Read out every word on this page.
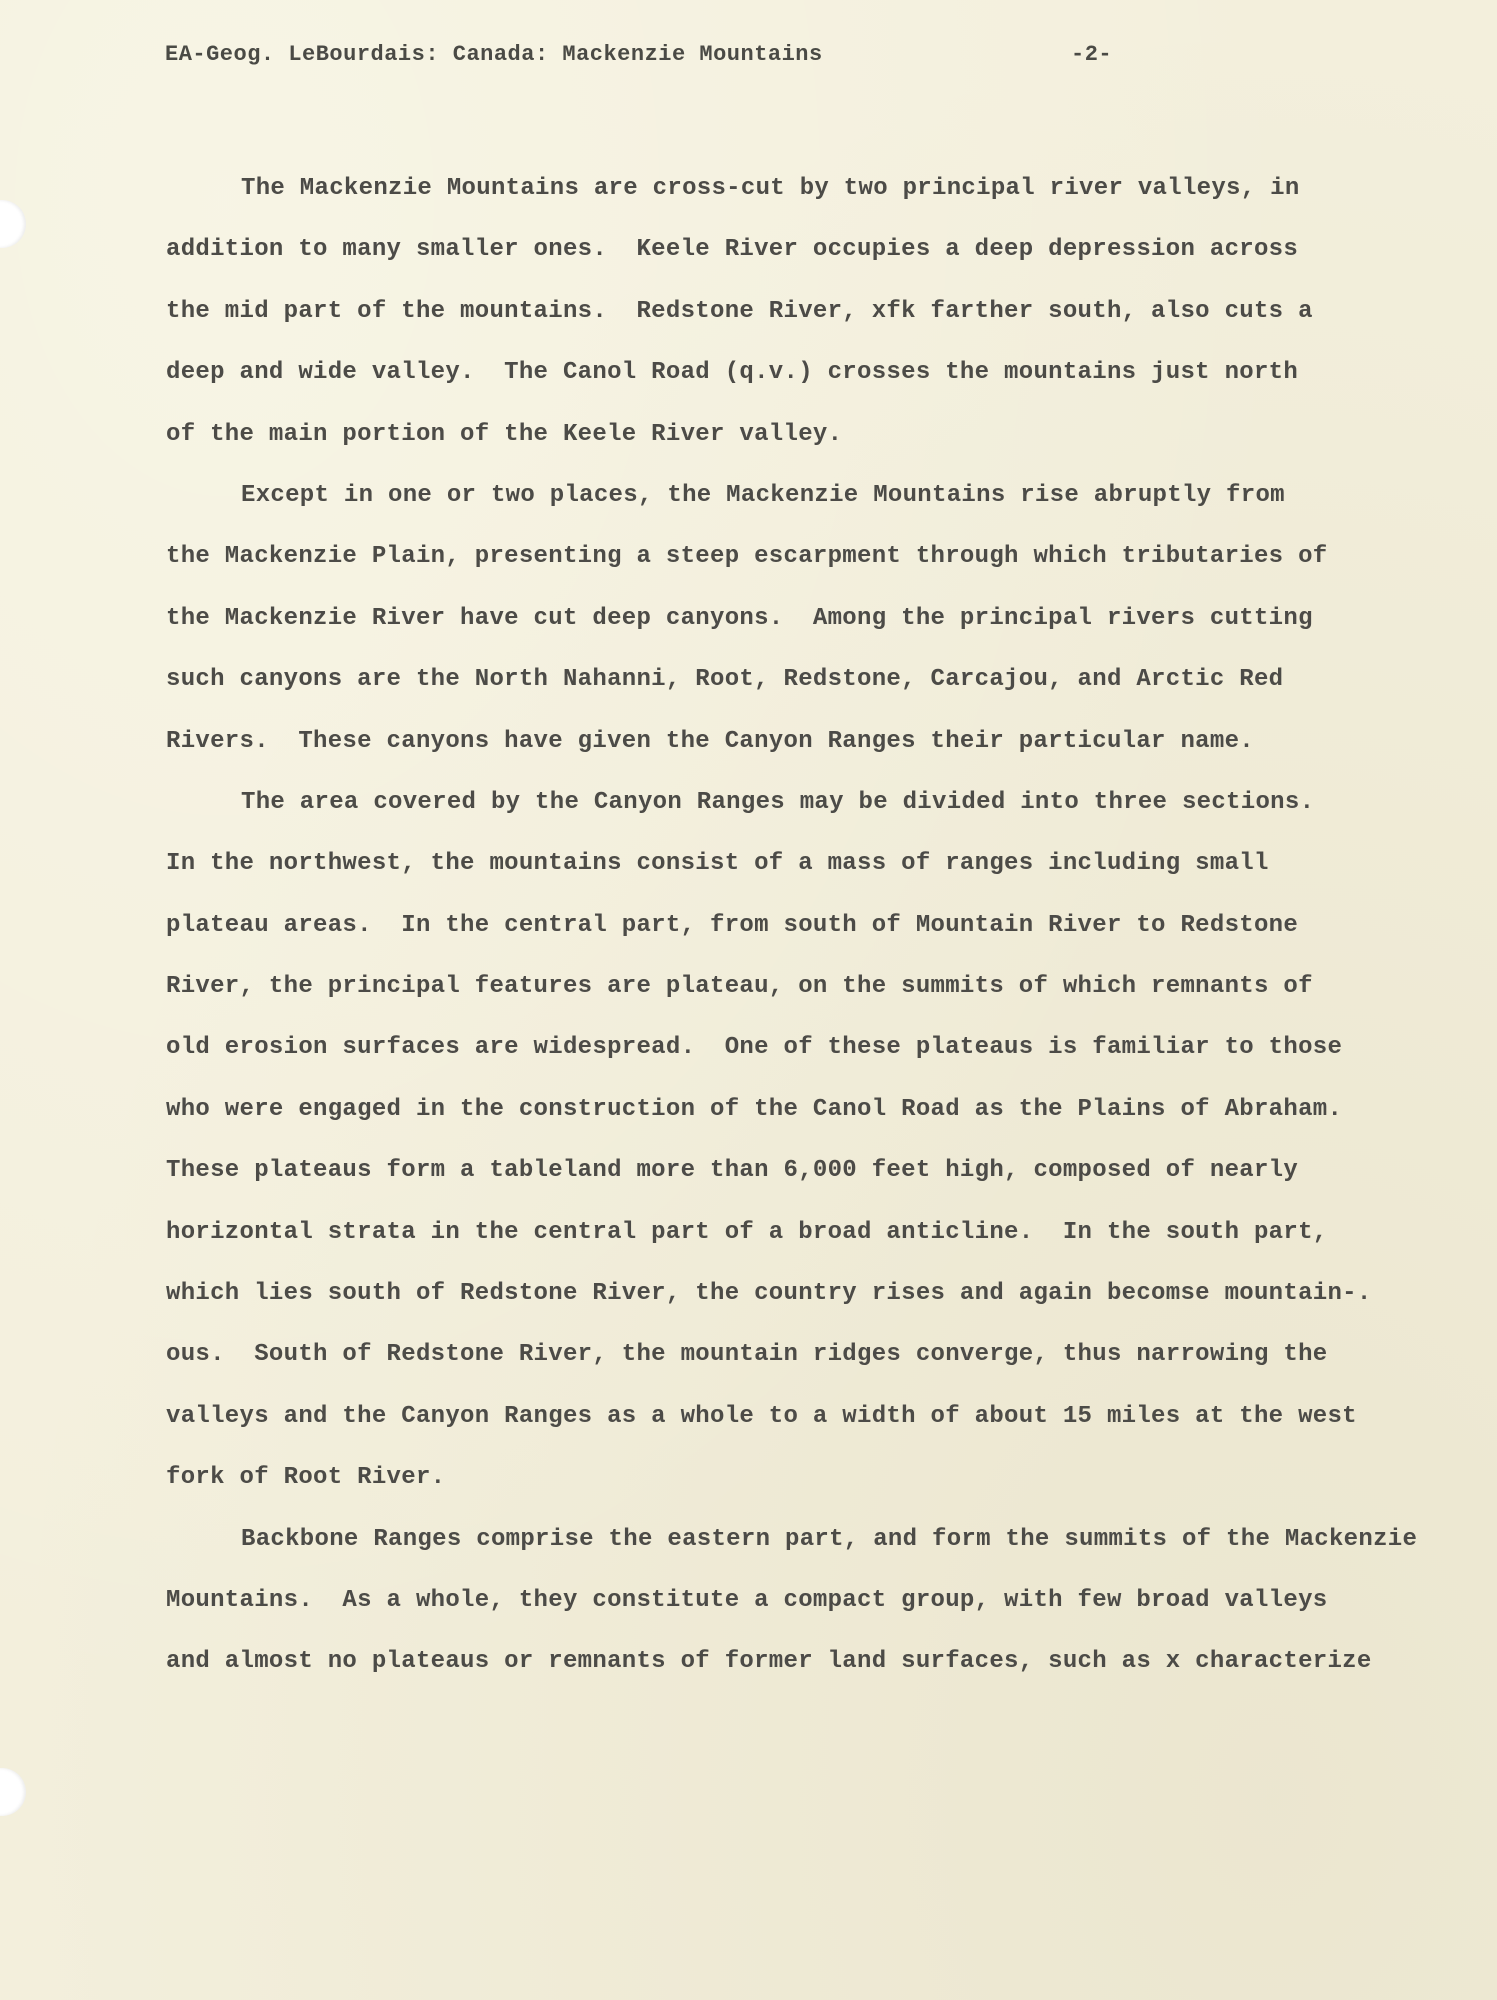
EA-Geog. LeBourdais: Canada: Mackenzie Mountains	-2-
The Mackenzie Mountains are cross-cut by two principal river valleys, in
addition to many smaller ones.  Keele River occupies a deep depression across
the mid part of the mountains.  Redstone River, xfk farther south, also cuts a
deep and wide valley.  The Canol Road (q.v.) crosses the mountains just north
of the main portion of the Keele River valley.
Except in one or two places, the Mackenzie Mountains rise abruptly from
the Mackenzie Plain, presenting a steep escarpment through which tributaries of
the Mackenzie River have cut deep canyons.  Among the principal rivers cutting
such canyons are the North Nahanni, Root, Redstone, Carcajou, and Arctic Red
Rivers.  These canyons have given the Canyon Ranges their particular name.
The area covered by the Canyon Ranges may be divided into three sections.
In the northwest, the mountains consist of a mass of ranges including small
plateau areas.  In the central part, from south of Mountain River to Redstone
River, the principal features are plateau, on the summits of which remnants of
old erosion surfaces are widespread.  One of these plateaus is familiar to those
who were engaged in the construction of the Canol Road as the Plains of Abraham.
These plateaus form a tableland more than 6,000 feet high, composed of nearly
horizontal strata in the central part of a broad anticline.  In the south part,
which lies south of Redstone River, the country rises and again becomse mountain-.
ous.  South of Redstone River, the mountain ridges converge, thus narrowing the
valleys and the Canyon Ranges as a whole to a width of about 15 miles at the west
fork of Root River.
Backbone Ranges comprise the eastern part, and form the summits of the Mackenzie
Mountains.  As a whole, they constitute a compact group, with few broad valleys
and almost no plateaus or remnants of former land surfaces, such as x characterize
